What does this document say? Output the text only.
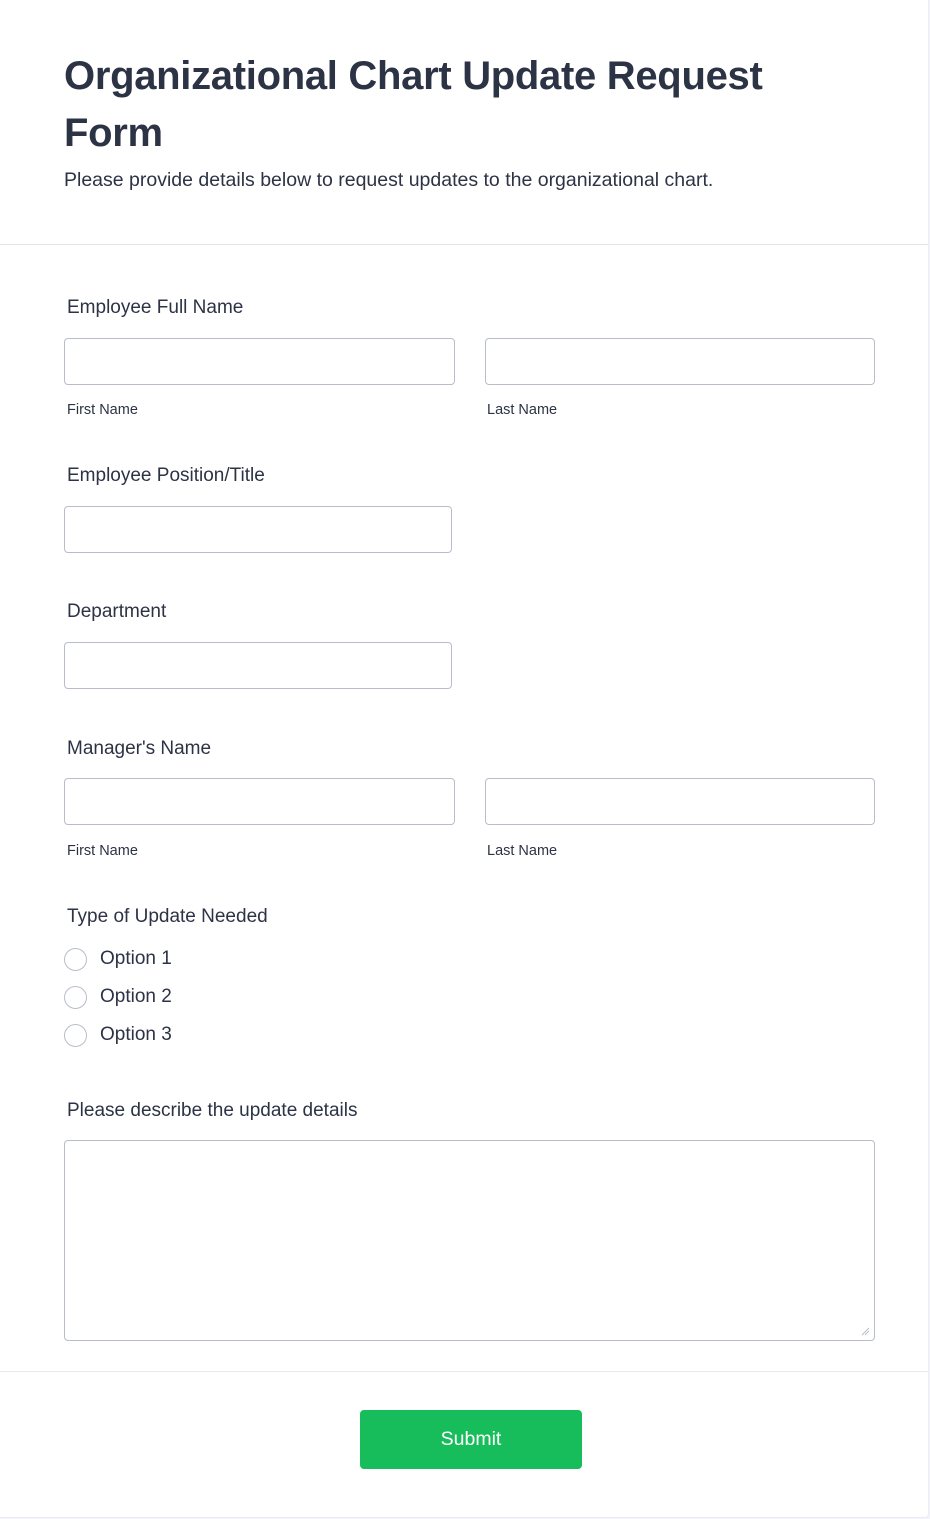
Organizational Chart Update Request Form

Please provide details below to request updates to the organizational chart.

Employee Full Name
First Name	Last Name
Employee Position/Title
Department
Manager's Name
First Name	Last Name
Type of Update Needed
Option 1
Option 2
Option 3
Please describe the update details
Submit
